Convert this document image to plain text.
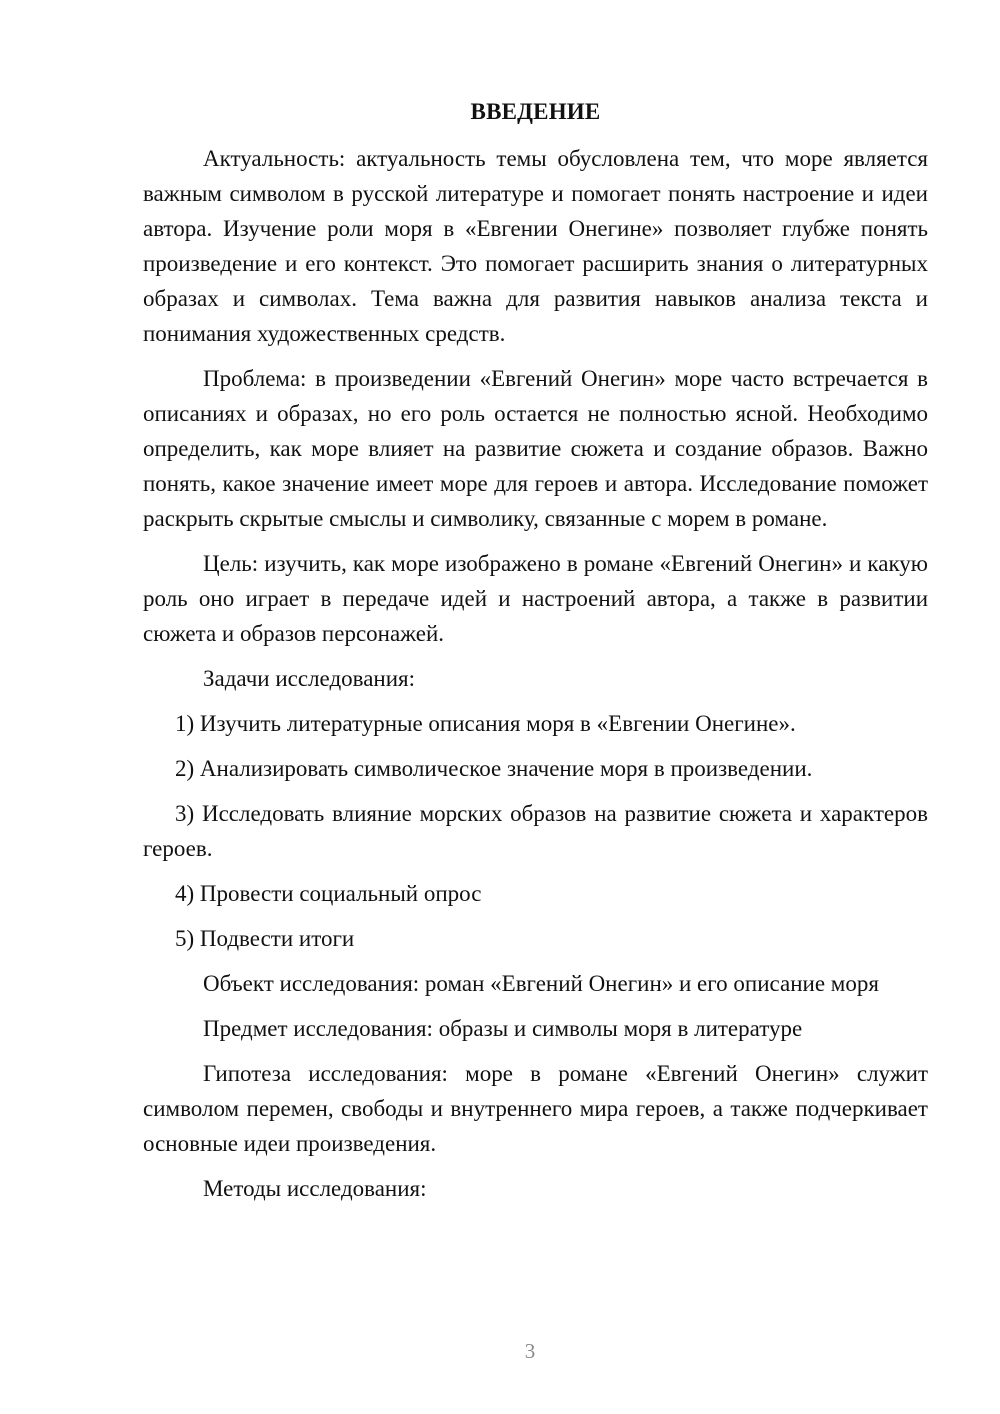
ВВЕДЕНИЕ

Актуальность: актуальность темы обусловлена тем, что море является важным символом в русской литературе и помогает понять настроение и идеи автора. Изучение роли моря в «Евгении Онегине» позволяет глубже понять произведение и его контекст. Это помогает расширить знания о литературных образах и символах. Тема важна для развития навыков анализа текста и понимания художественных средств.

Проблема: в произведении «Евгений Онегин» море часто встречается в описаниях и образах, но его роль остается не полностью ясной. Необходимо определить, как море влияет на развитие сюжета и создание образов. Важно понять, какое значение имеет море для героев и автора. Исследование поможет раскрыть скрытые смыслы и символику, связанные с морем в романе.

Цель: изучить, как море изображено в романе «Евгений Онегин» и какую роль оно играет в передаче идей и настроений автора, а также в развитии сюжета и образов персонажей.

Задачи исследования:

1) Изучить литературные описания моря в «Евгении Онегине».

2) Анализировать символическое значение моря в произведении.

3) Исследовать влияние морских образов на развитие сюжета и характеров героев.

4) Провести социальный опрос

5) Подвести итоги

Объект исследования: роман «Евгений Онегин» и его описание моря

Предмет исследования: образы и символы моря в литературе

Гипотеза исследования: море в романе «Евгений Онегин» служит символом перемен, свободы и внутреннего мира героев, а также подчеркивает основные идеи произведения.

Методы исследования:

3
